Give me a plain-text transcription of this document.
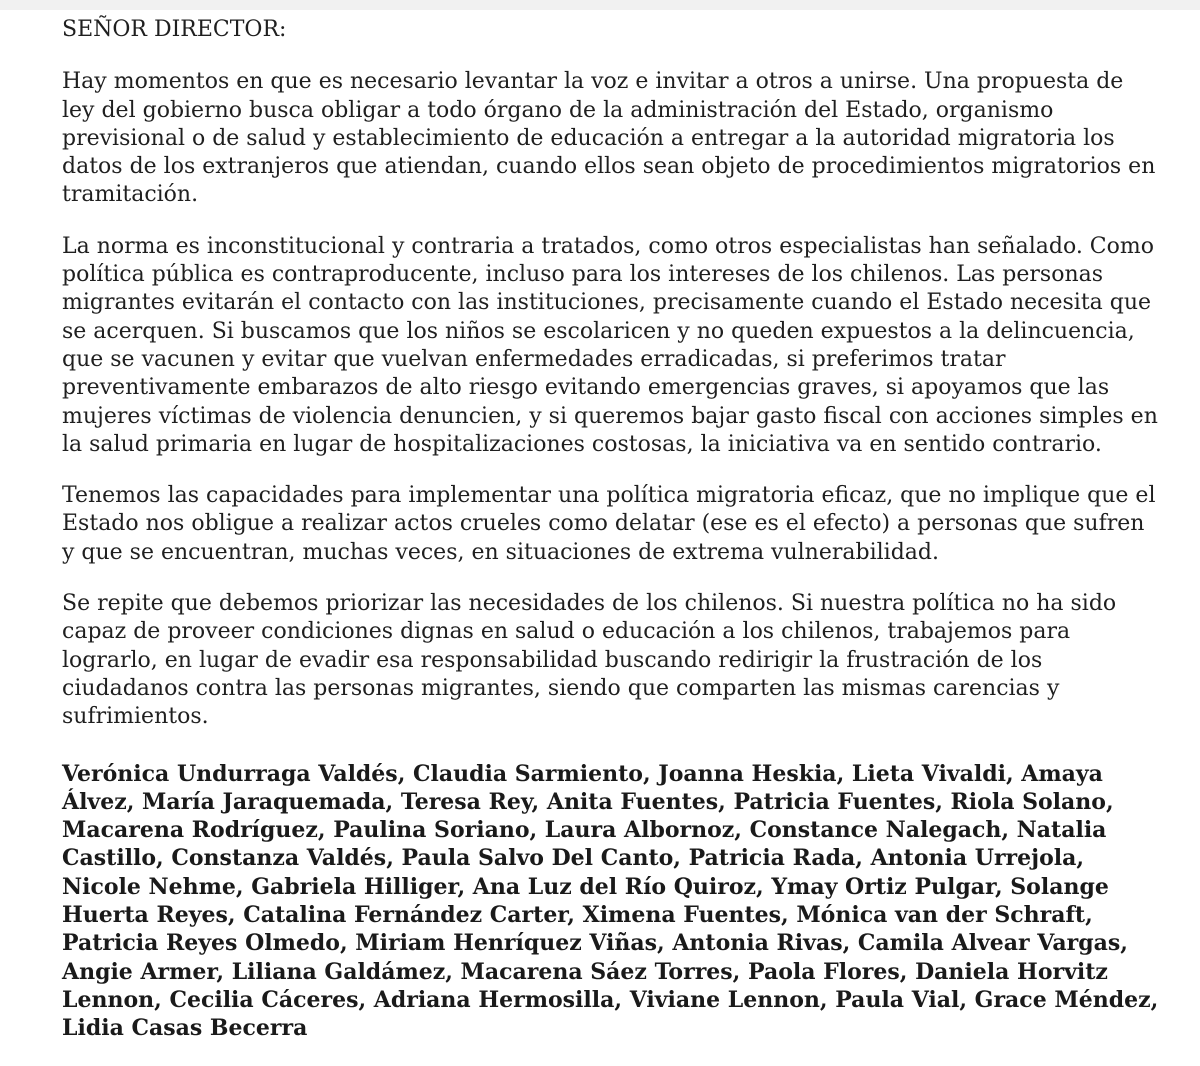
SEÑOR DIRECTOR:

Hay momentos en que es necesario levantar la voz e invitar a otros a unirse. Una propuesta de ley del gobierno busca obligar a todo órgano de la administración del Estado, organismo previsional o de salud y establecimiento de educación a entregar a la autoridad migratoria los datos de los extranjeros que atiendan, cuando ellos sean objeto de procedimientos migratorios en tramitación.

La norma es inconstitucional y contraria a tratados, como otros especialistas han señalado. Como política pública es contraproducente, incluso para los intereses de los chilenos. Las personas migrantes evitarán el contacto con las instituciones, precisamente cuando el Estado necesita que se acerquen. Si buscamos que los niños se escolaricen y no queden expuestos a la delincuencia, que se vacunen y evitar que vuelvan enfermedades erradicadas, si preferimos tratar preventivamente embarazos de alto riesgo evitando emergencias graves, si apoyamos que las mujeres víctimas de violencia denuncien, y si queremos bajar gasto fiscal con acciones simples en la salud primaria en lugar de hospitalizaciones costosas, la iniciativa va en sentido contrario.

Tenemos las capacidades para implementar una política migratoria eficaz, que no implique que el Estado nos obligue a realizar actos crueles como delatar (ese es el efecto) a personas que sufren y que se encuentran, muchas veces, en situaciones de extrema vulnerabilidad.

Se repite que debemos priorizar las necesidades de los chilenos. Si nuestra política no ha sido capaz de proveer condiciones dignas en salud o educación a los chilenos, trabajemos para lograrlo, en lugar de evadir esa responsabilidad buscando redirigir la frustración de los ciudadanos contra las personas migrantes, siendo que comparten las mismas carencias y sufrimientos.

Verónica Undurraga Valdés, Claudia Sarmiento, Joanna Heskia, Lieta Vivaldi, Amaya Álvez, María Jaraquemada, Teresa Rey, Anita Fuentes, Patricia Fuentes, Riola Solano, Macarena Rodríguez, Paulina Soriano, Laura Albornoz, Constance Nalegach, Natalia Castillo, Constanza Valdés, Paula Salvo Del Canto, Patricia Rada, Antonia Urrejola, Nicole Nehme, Gabriela Hilliger, Ana Luz del Río Quiroz, Ymay Ortiz Pulgar, Solange Huerta Reyes, Catalina Fernández Carter, Ximena Fuentes, Mónica van der Schraft, Patricia Reyes Olmedo, Miriam Henríquez Viñas, Antonia Rivas, Camila Alvear Vargas, Angie Armer, Liliana Galdámez, Macarena Sáez Torres, Paola Flores, Daniela Horvitz Lennon, Cecilia Cáceres, Adriana Hermosilla, Viviane Lennon, Paula Vial, Grace Méndez, Lidia Casas Becerra
